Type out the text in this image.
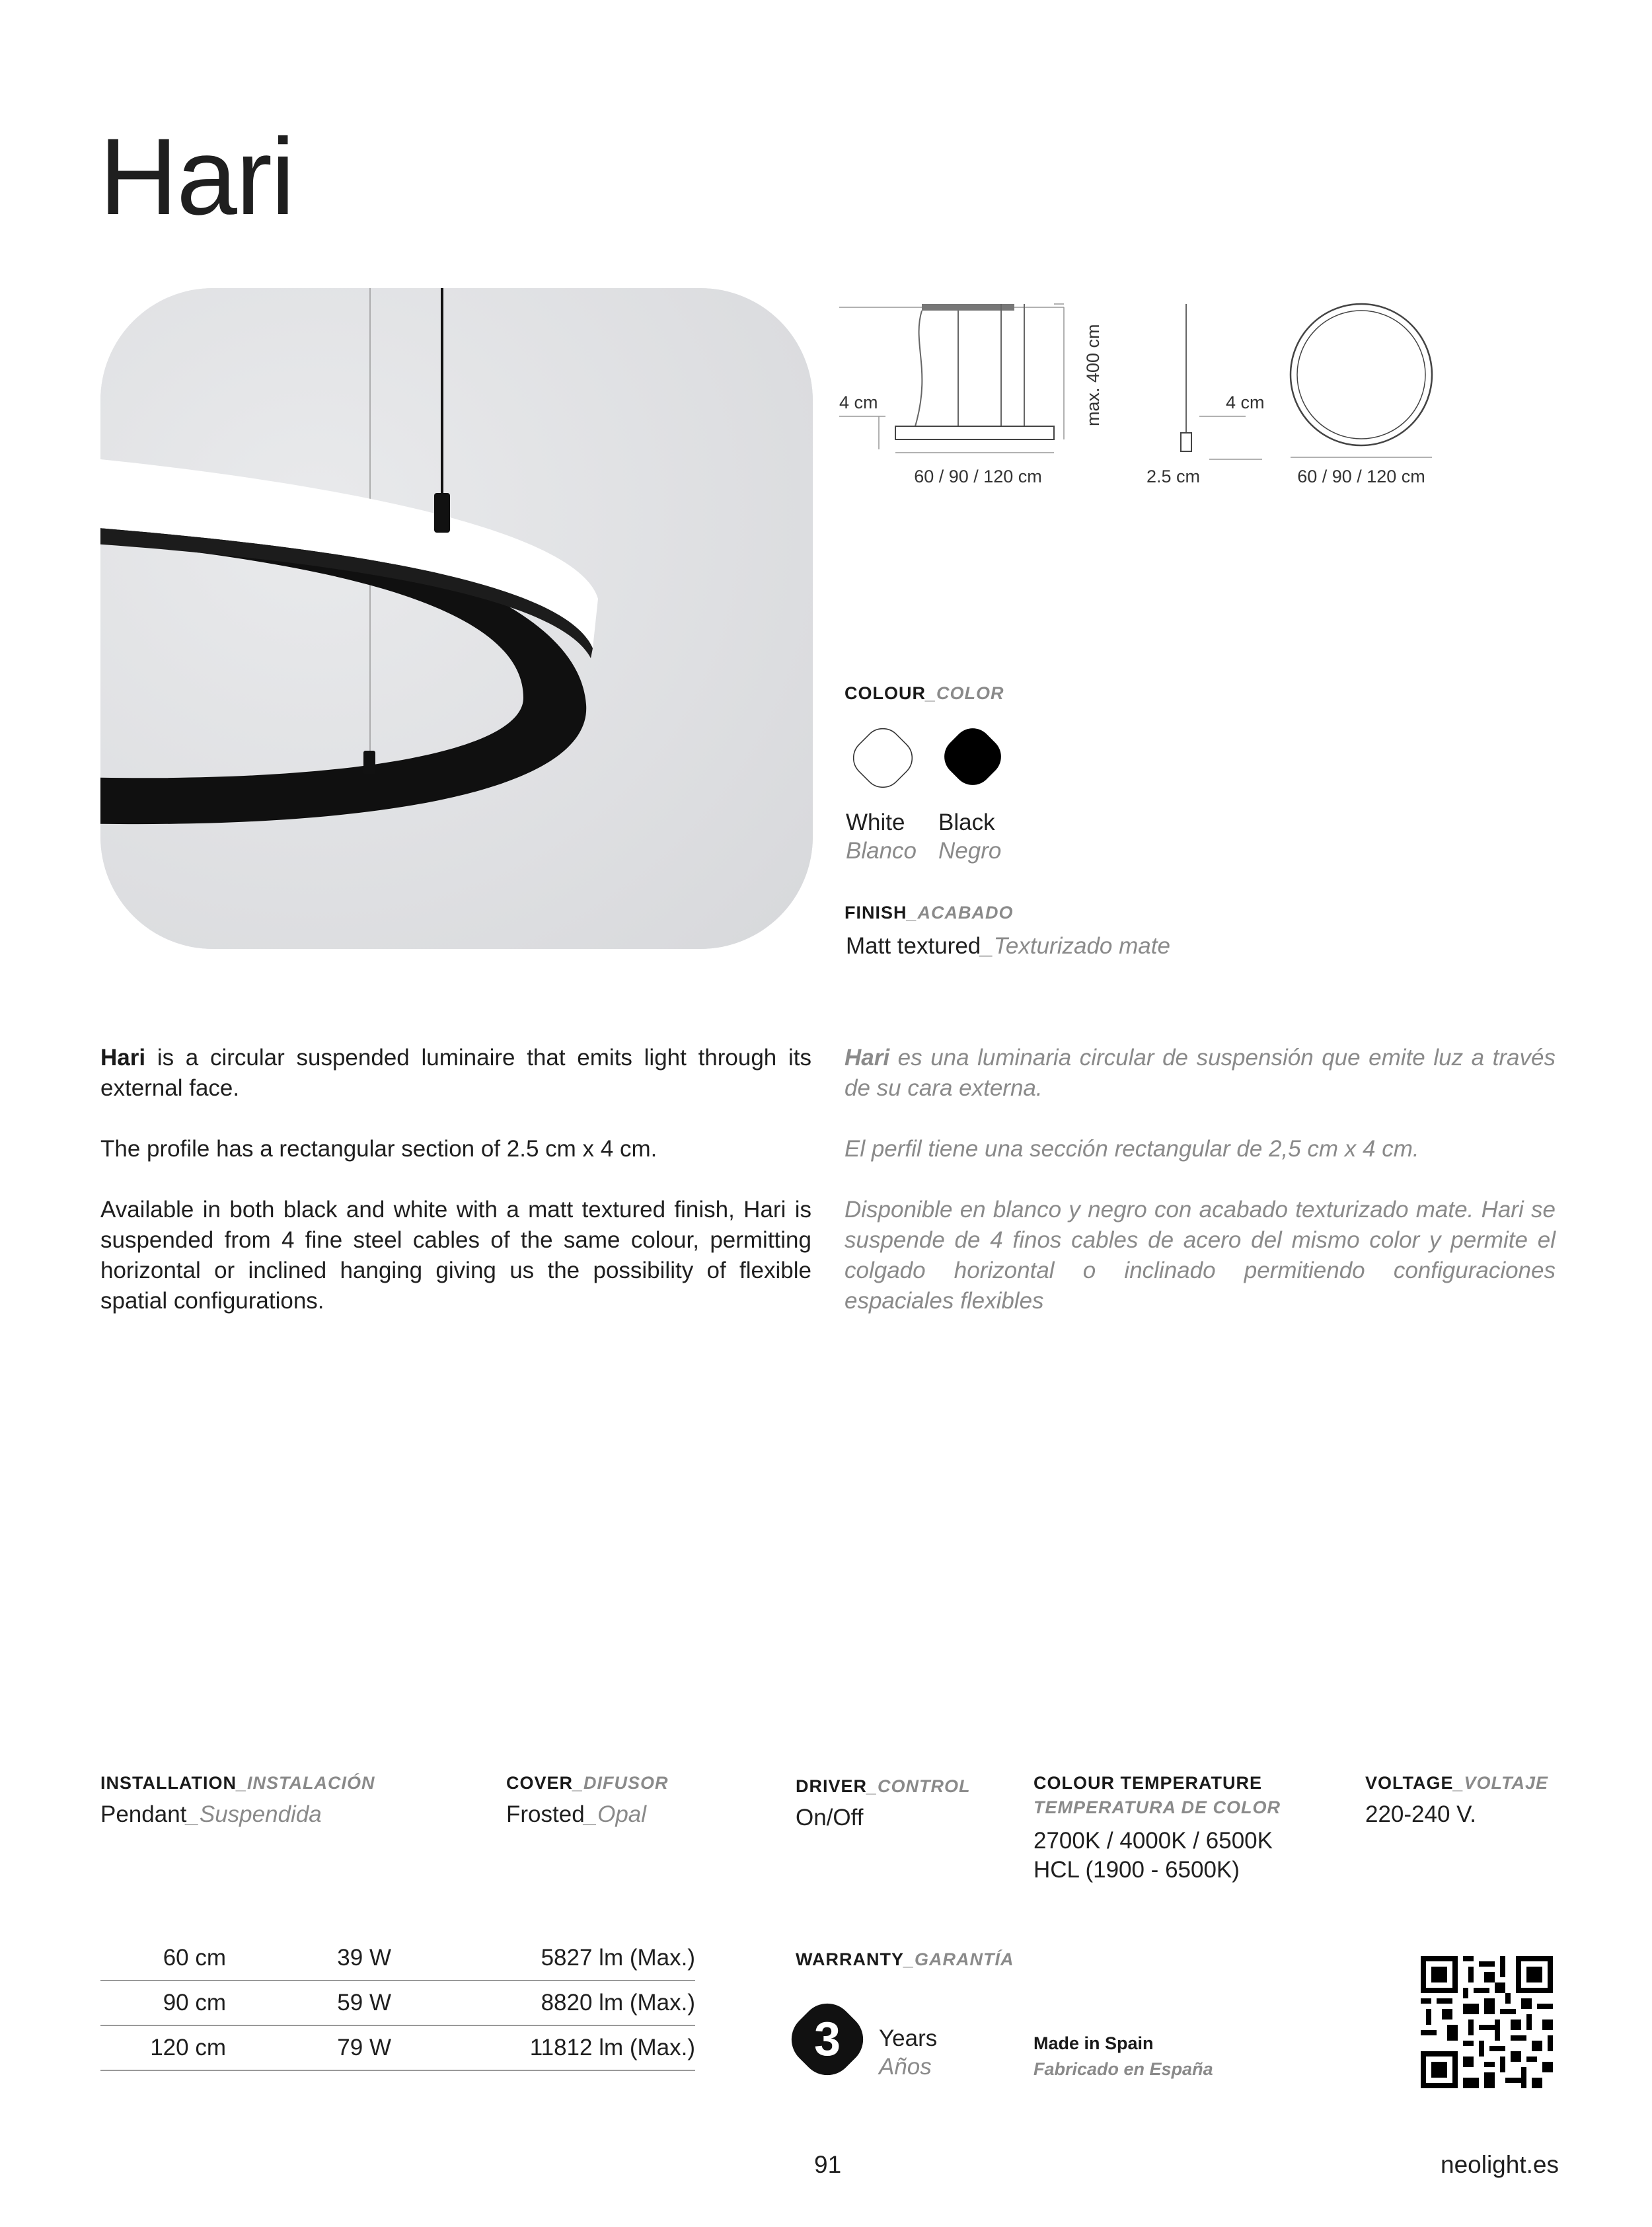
Hari
4 cm
60 / 90 / 120 cm
max. 400 cm	4 cm
2.5 cm	60 / 90 / 120 cm
COLOUR_COLOR
White
Blanco
Black
Negro
FINISH_ACABADO
Matt textured_Texturizado mate

Hari is a circular suspended luminaire that emits light through its external face.

The profile has a rectangular section of 2.5 cm x 4 cm.

Available in both black and white with a matt textured finish, Hari is suspended from 4 fine steel cables of the same colour, permitting horizontal or inclined hanging giving us the possibility of flexible spatial configurations.

Hari es una luminaria circular de suspensión que emite luz a través de su cara externa.

El perfil tiene una sección rectangular de 2,5 cm x 4 cm.

Disponible en blanco y negro con acabado texturizado mate. Hari se suspende de 4 finos cables de acero del mismo color y permite el colgado horizontal o inclinado permitiendo configuraciones espaciales flexibles

INSTALLATION_INSTALACIÓN
Pendant_Suspendida
COVER_DIFUSOR
Frosted_Opal
DRIVER_CONTROL
On/Off
COLOUR TEMPERATURE
TEMPERATURA DE COLOR
2700K / 4000K / 6500K
HCL (1900 - 6500K)
VOLTAGE_VOLTAJE
220-240 V.
60 cm	39 W	5827 lm (Max.)
90 cm	59 W	8820 lm (Max.)
120 cm	79 W	11812 lm (Max.)
WARRANTY_GARANTÍA
3	Years
Años
Made in Spain
Fabricado en España
91	neolight.es
